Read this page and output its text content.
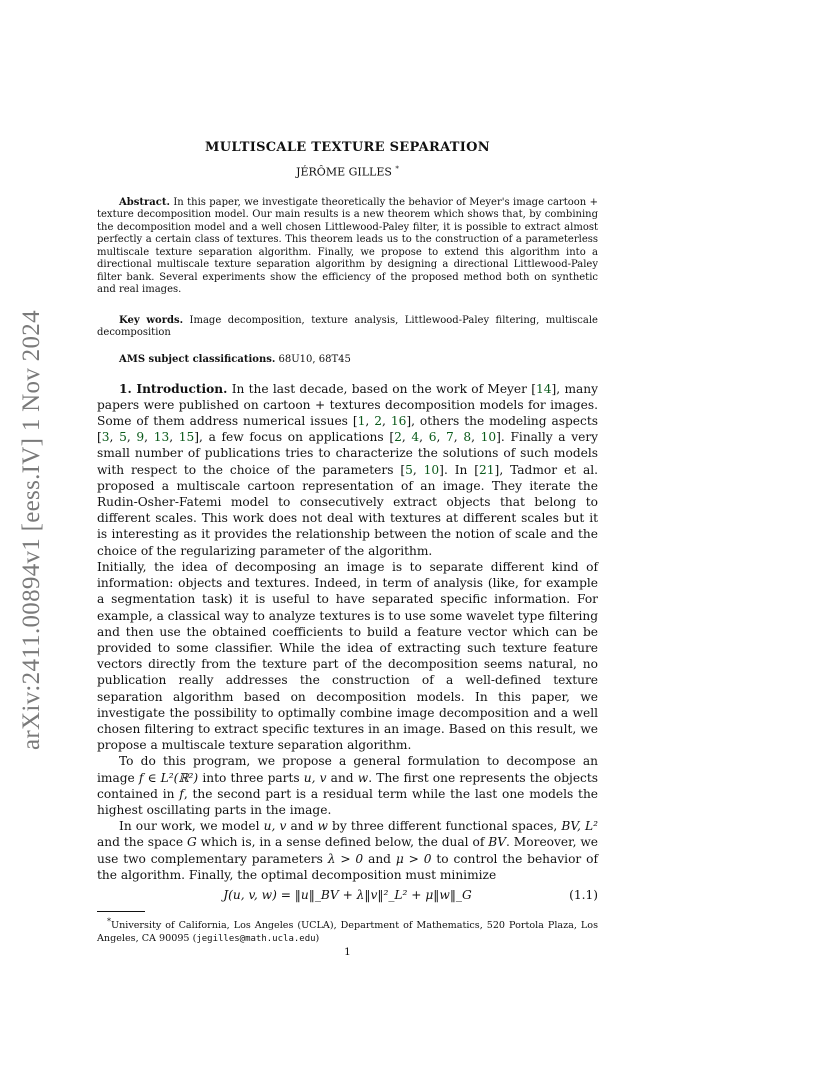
arXiv:2411.00894v1 [eess.IV] 1 Nov 2024
MULTISCALE TEXTURE SEPARATION
JÉRÔME GILLES *
Abstract. In this paper, we investigate theoretically the behavior of Meyer's image cartoon + texture decomposition model. Our main results is a new theorem which shows that, by combining the decomposition model and a well chosen Littlewood-Paley filter, it is possible to extract almost perfectly a certain class of textures. This theorem leads us to the construction of a parameterless multiscale texture separation algorithm. Finally, we propose to extend this algorithm into a directional multiscale texture separation algorithm by designing a directional Littlewood-Paley filter bank. Several experiments show the efficiency of the proposed method both on synthetic and real images.
Key words. Image decomposition, texture analysis, Littlewood-Paley filtering, multiscale decomposition
AMS subject classifications. 68U10, 68T45

1. Introduction. In the last decade, based on the work of Meyer [14], many papers were published on cartoon + textures decomposition models for images. Some of them address numerical issues [1, 2, 16], others the modeling aspects [3, 5, 9, 13, 15], a few focus on applications [2, 4, 6, 7, 8, 10]. Finally a very small number of publications tries to characterize the solutions of such models with respect to the choice of the parameters [5, 10]. In [21], Tadmor et al. proposed a multiscale cartoon representation of an image. They iterate the Rudin-Osher-Fatemi model to consecutively extract objects that belong to different scales. This work does not deal with textures at different scales but it is interesting as it provides the relationship between the notion of scale and the choice of the regularizing parameter of the algorithm.

Initially, the idea of decomposing an image is to separate different kind of information: objects and textures. Indeed, in term of analysis (like, for example a segmentation task) it is useful to have separated specific information. For example, a classical way to analyze textures is to use some wavelet type filtering and then use the obtained coefficients to build a feature vector which can be provided to some classifier. While the idea of extracting such texture feature vectors directly from the texture part of the decomposition seems natural, no publication really addresses the construction of a well-defined texture separation algorithm based on decomposition models. In this paper, we investigate the possibility to optimally combine image decomposition and a well chosen filtering to extract specific textures in an image. Based on this result, we propose a multiscale texture separation algorithm.

To do this program, we propose a general formulation to decompose an image f ∈ L²(ℝ²) into three parts u, v and w. The first one represents the objects contained in f, the second part is a residual term while the last one models the highest oscillating parts in the image.

In our work, we model u, v and w by three different functional spaces, BV, L² and the space G which is, in a sense defined below, the dual of BV. Moreover, we use two complementary parameters λ > 0 and μ > 0 to control the behavior of the algorithm. Finally, the optimal decomposition must minimize

J(u, v, w) = ‖u‖_BV + λ‖v‖²_L² + μ‖w‖_G	(1.1)
*University of California, Los Angeles (UCLA), Department of Mathematics, 520 Portola Plaza, Los Angeles, CA 90095 (jegilles@math.ucla.edu)
1
